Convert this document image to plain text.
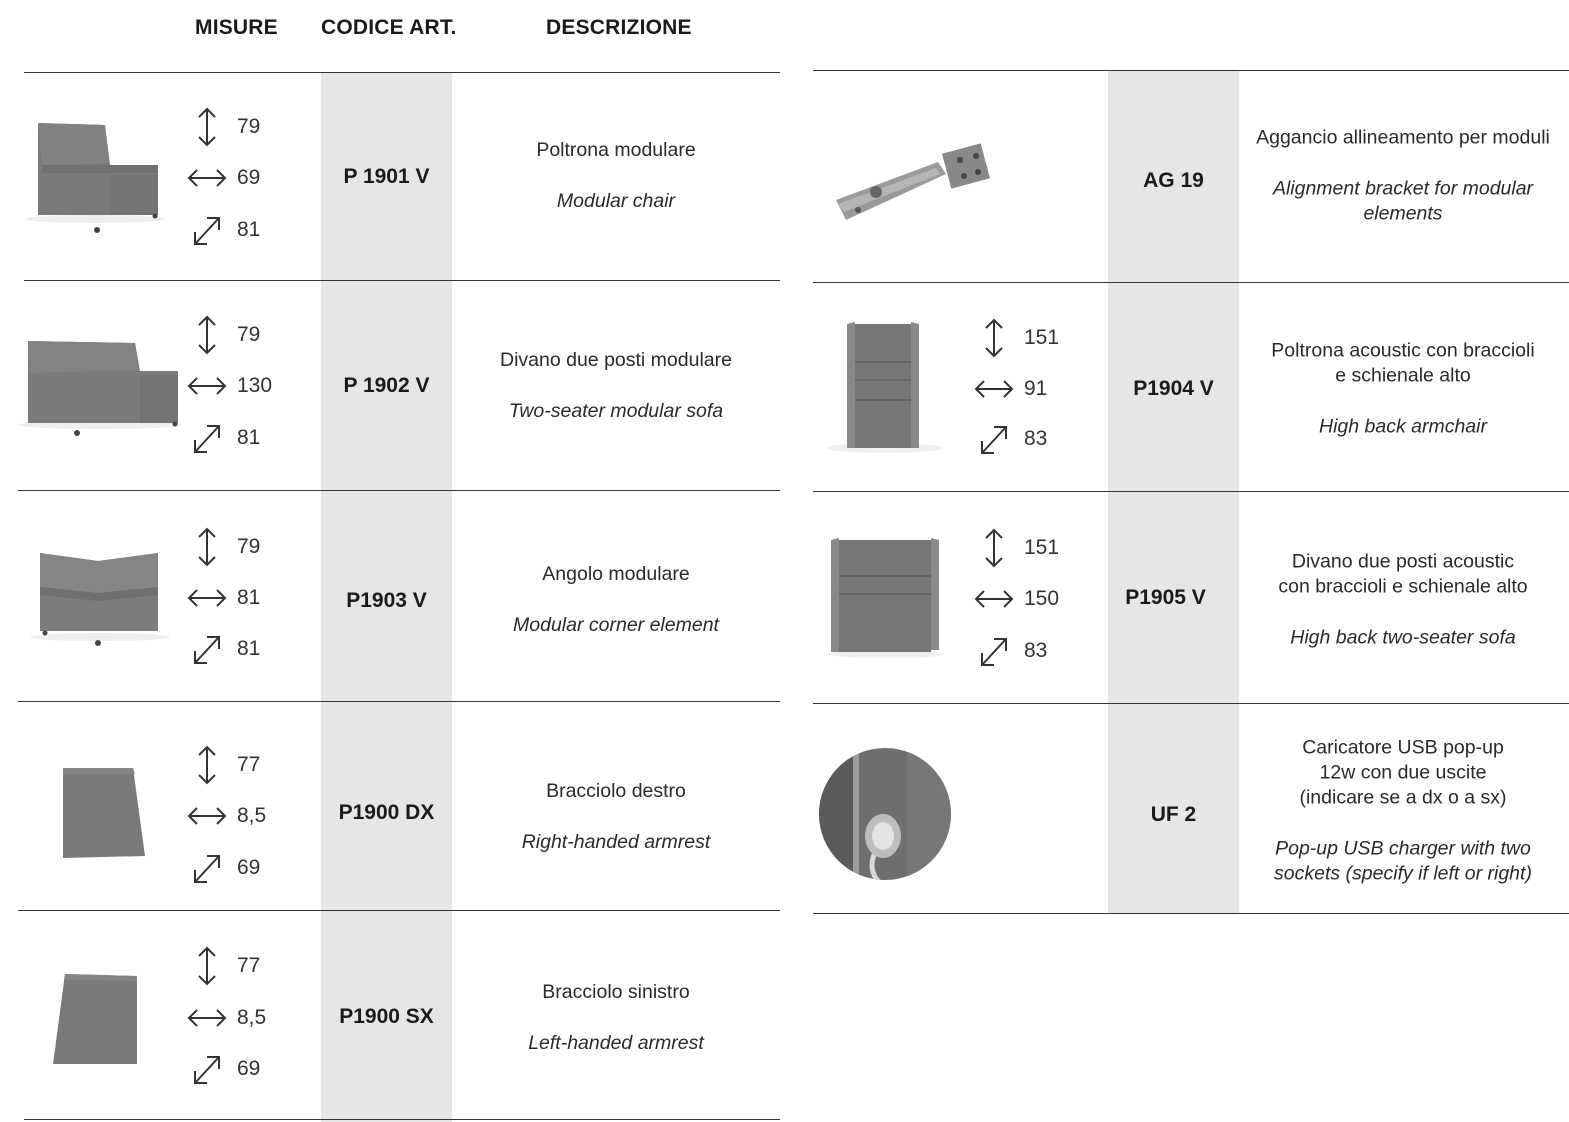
MISURE CODICE ART.	DESCRIZIONE
79
69
81
P 1901 V
Poltrona modulare
Modular chair
79
130
81
P 1902 V
Divano due posti modulare
Two-seater modular sofa
79
81
81
P1903 V
Angolo modulare
Modular corner element
77
8,5
69
P1900 DX
Bracciolo destro
Right-handed armrest
77
8,5
69
P1900 SX
Bracciolo sinistro
Left-handed armrest
AG 19
Aggancio allineamento per moduli
Alignment bracket for modular
elements
151
91
83
P1904 V
Poltrona acoustic con braccioli
e schienale alto
High back armchair
151
150
83
P1905 V
Divano due posti acoustic
con braccioli e schienale alto
High back two-seater sofa
UF 2
Caricatore USB pop-up
12w con due uscite
(indicare se a dx o a sx)
Pop-up USB charger with two
sockets (specify if left or right)
